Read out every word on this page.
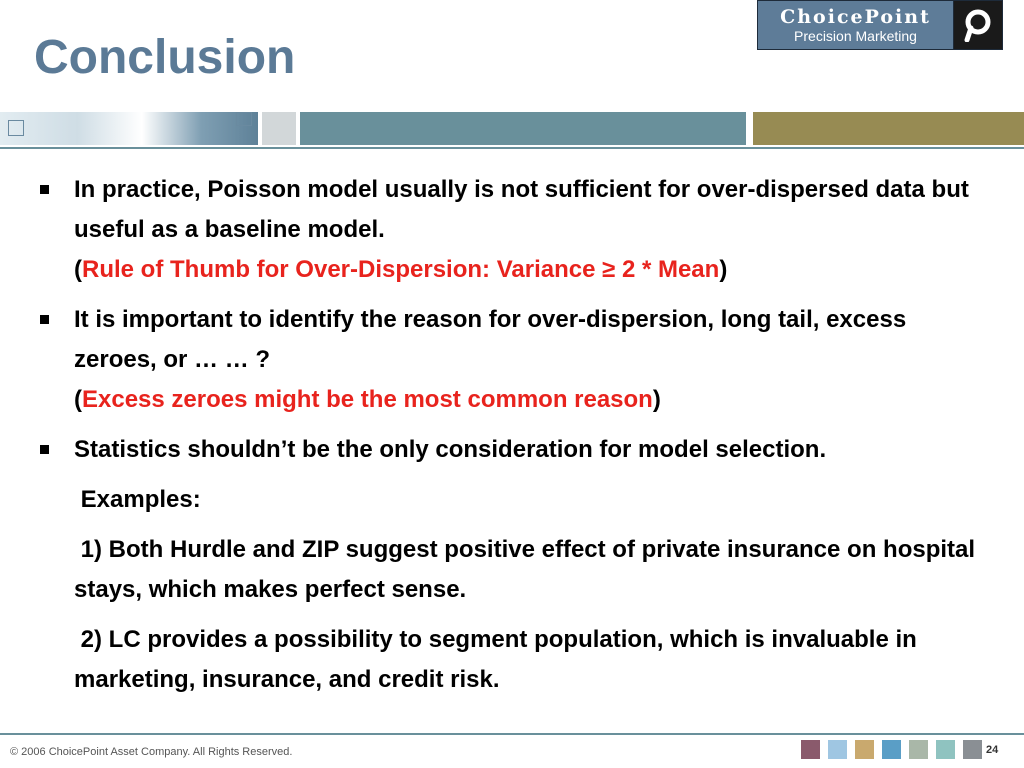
Conclusion
ChoicePoint
Precision Marketing
In practice, Poisson model usually is not sufficient for over-dispersed data but useful as a baseline model.
(Rule of Thumb for Over-Dispersion: Variance ≥ 2 * Mean)
It is important to identify the reason for over-dispersion, long tail, excess zeroes, or … … ?
(Excess zeroes might be the most common reason)
Statistics shouldn’t be the only consideration for model selection.
Examples:
1) Both Hurdle and ZIP suggest positive effect of private insurance on hospital stays, which makes perfect sense.
2) LC provides a possibility to segment population, which is invaluable in marketing, insurance, and credit risk.
© 2006 ChoicePoint Asset Company. All Rights Reserved.	24
